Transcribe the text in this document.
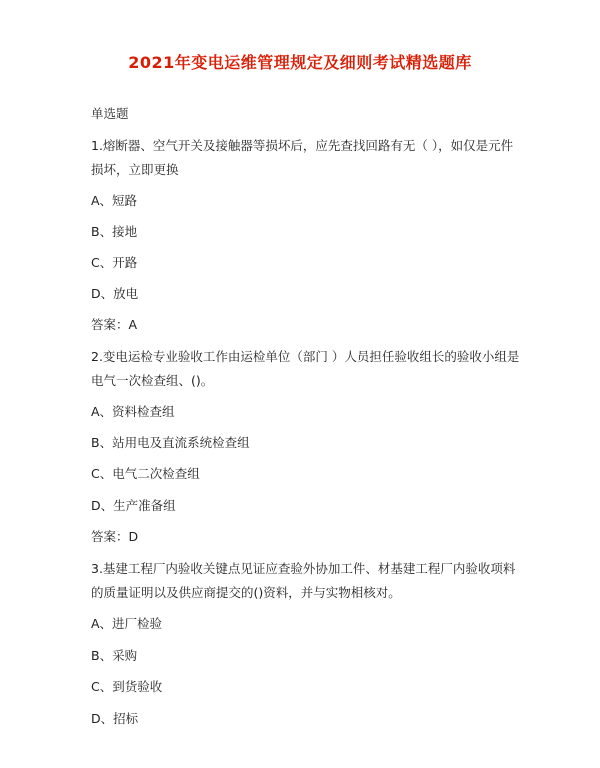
2021年变电运维管理规定及细则考试精选题库
单选题
1.熔断器、空气开关及接触器等损坏后，应先查找回路有无（ ），如仅是元件损坏，立即更换
A、短路
B、接地
C、开路
D、放电
答案：A
2.变电运检专业验收工作由运检单位（部门 ）人员担任验收组长的验收小组是电气一次检查组、()。
A、资料检查组
B、站用电及直流系统检查组
C、电气二次检查组
D、生产准备组
答案：D
3.基建工程厂内验收关键点见证应查验外协加工件、材基建工程厂内验收项料的质量证明以及供应商提交的()资料，并与实物相核对。
A、进厂检验
B、采购
C、到货验收
D、招标
